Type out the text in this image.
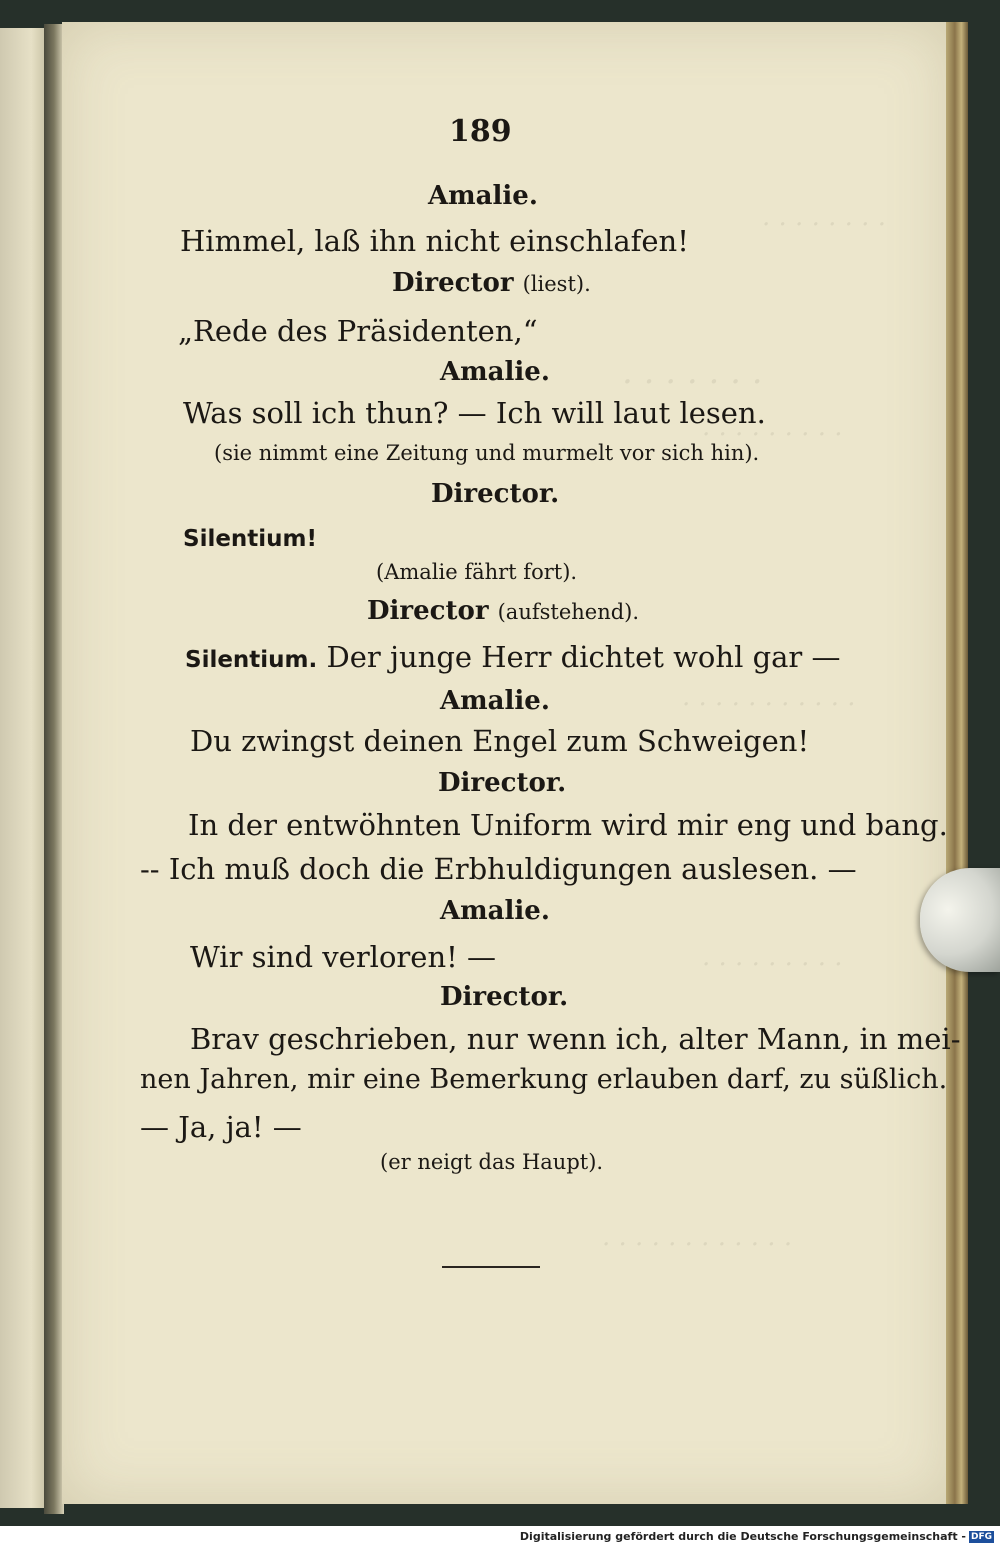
. . . . . . . .
. . . . . . .
. . . . . . . . .
. . . . . . . . . . .
. . . . . . . . .
. . . . . . . . . . . .
189
Amalie.
Himmel, laß ihn nicht einschlafen!
Director (liest).
„Rede des Präsidenten,“
Amalie.
Was soll ich thun? — Ich will laut lesen.
(sie nimmt eine Zeitung und murmelt vor sich hin).
Director.
Silentium!
(Amalie fährt fort).
Director (aufstehend).
Silentium. Der junge Herr dichtet wohl gar —
Amalie.
Du zwingst deinen Engel zum Schweigen!
Director.
In der entwöhnten Uniform wird mir eng und bang.
-- Ich muß doch die Erbhuldigungen auslesen. —
Amalie.
Wir sind verloren! —
Director.
Brav geschrieben, nur wenn ich, alter Mann, in mei-
nen Jahren, mir eine Bemerkung erlauben darf, zu süßlich.
— Ja, ja! —
(er neigt das Haupt).
Digitalisierung gefördert durch die Deutsche Forschungsgemeinschaft - DFG
